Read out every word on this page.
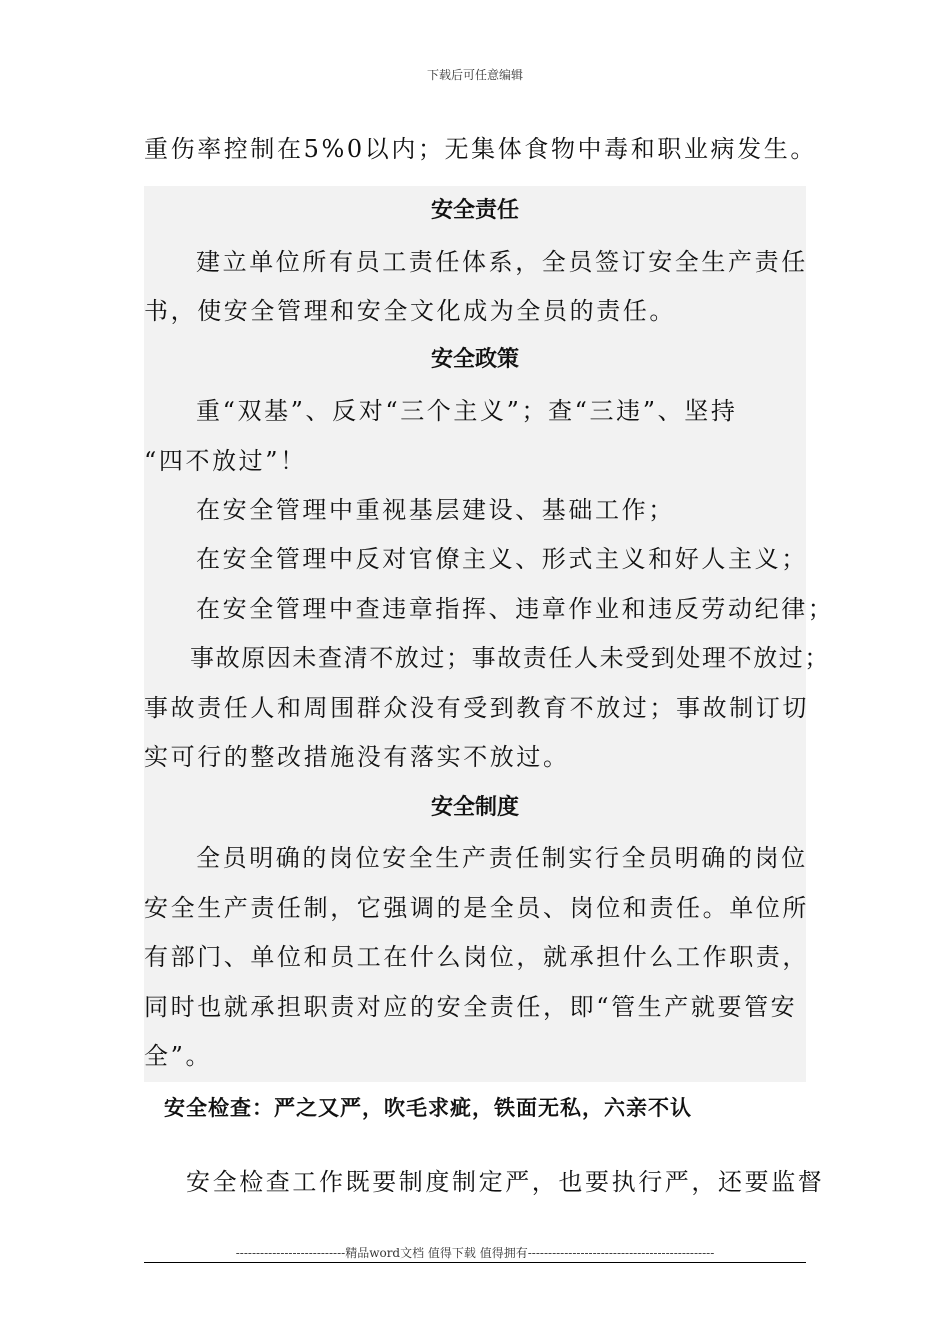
下载后可任意编辑
重伤率控制在5%0以内；无集体食物中毒和职业病发生。
安全责任
建立单位所有员工责任体系，全员签订安全生产责任
书，使安全管理和安全文化成为全员的责任。
安全政策
重“双基”、反对“三个主义”；查“三违”、坚持
“四不放过”！
在安全管理中重视基层建设、基础工作；
在安全管理中反对官僚主义、形式主义和好人主义；
在安全管理中查违章指挥、违章作业和违反劳动纪律；
事故原因未查清不放过；事故责任人未受到处理不放过；
事故责任人和周围群众没有受到教育不放过；事故制订切
实可行的整改措施没有落实不放过。
安全制度
全员明确的岗位安全生产责任制实行全员明确的岗位
安全生产责任制，它强调的是全员、岗位和责任。单位所
有部门、单位和员工在什么岗位，就承担什么工作职责，
同时也就承担职责对应的安全责任，即“管生产就要管安
全”。
安全检查：严之又严，吹毛求疵，铁面无私，六亲不认
安全检查工作既要制度制定严，也要执行严，还要监督
---------------------------精品word文档 值得下载 值得拥有----------------------------------------------
